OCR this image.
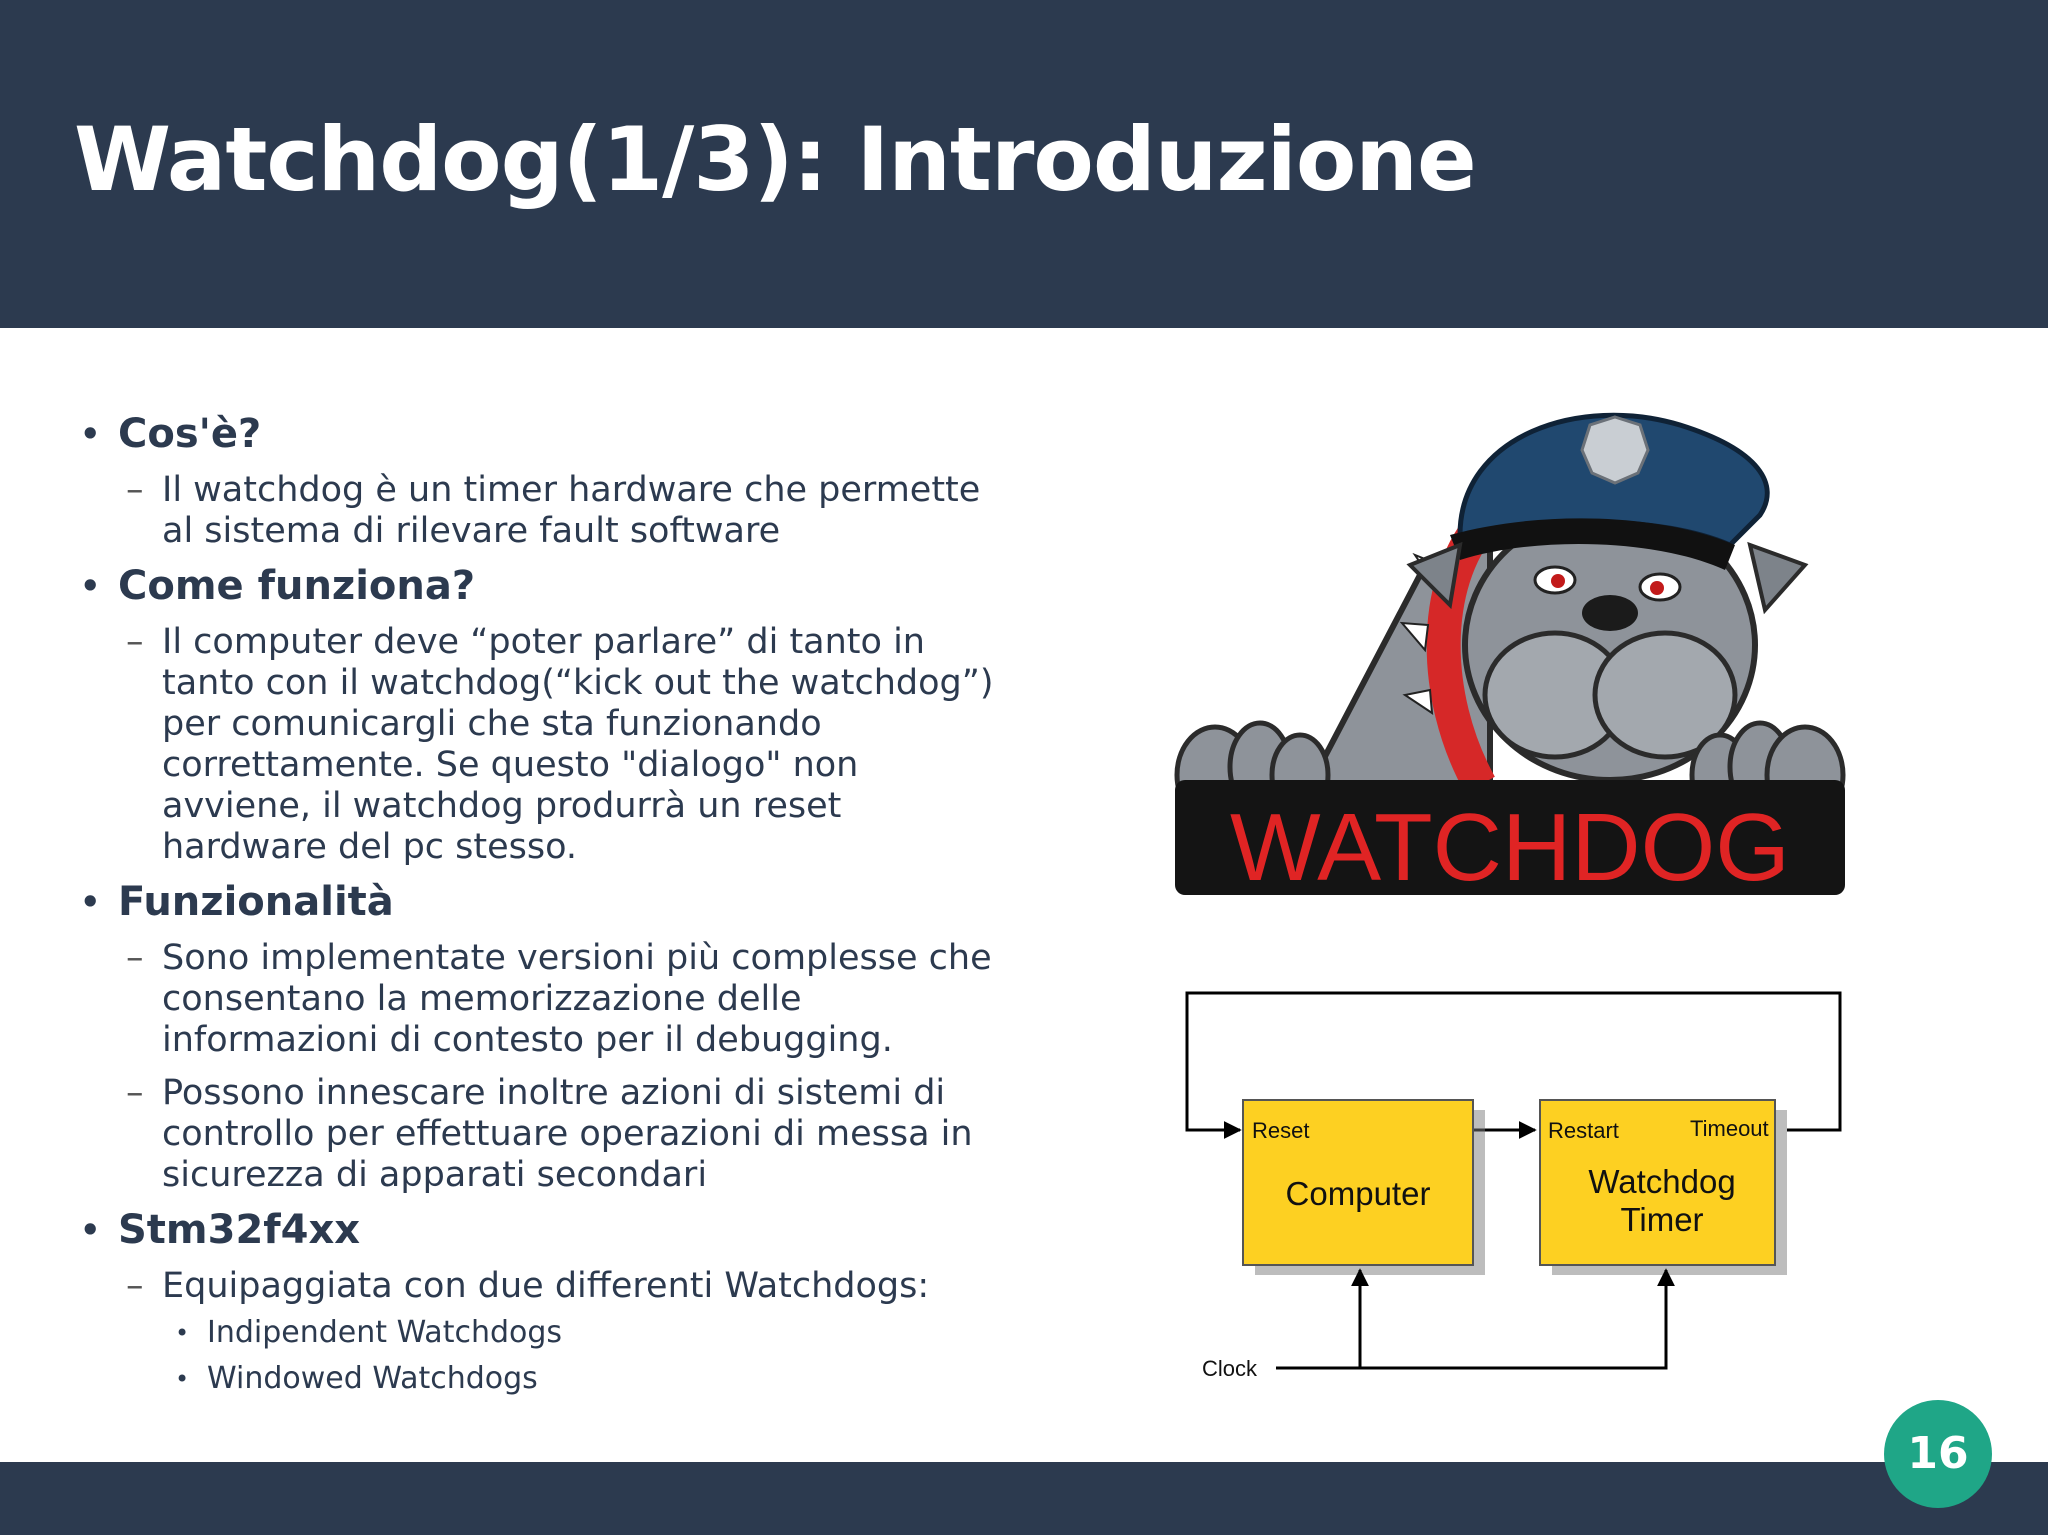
Watchdog(1/3): Introduzione
• Cos'è?
– Il watchdog è un timer hardware che permette al sistema di rilevare fault software
• Come funziona?
– Il computer deve “poter parlare” di tanto in tanto con il watchdog(“kick out the watchdog”) per comunicargli che sta funzionando correttamente. Se questo "dialogo" non avviene, il watchdog produrrà un reset hardware del pc stesso.
• Funzionalità
– Sono implementate versioni più complesse che consentano la memorizzazione delle informazioni di contesto per il debugging.
– Possono innescare inoltre azioni di sistemi di controllo per effettuare operazioni di messa in sicurezza di apparati secondari
• Stm32f4xx
– Equipaggiata con due differenti Watchdogs:
• Indipendent Watchdogs
• Windowed Watchdogs
WATCHDOG
Reset
Computer
Restart	Timeout
Watchdog
Timer
Clock
16
